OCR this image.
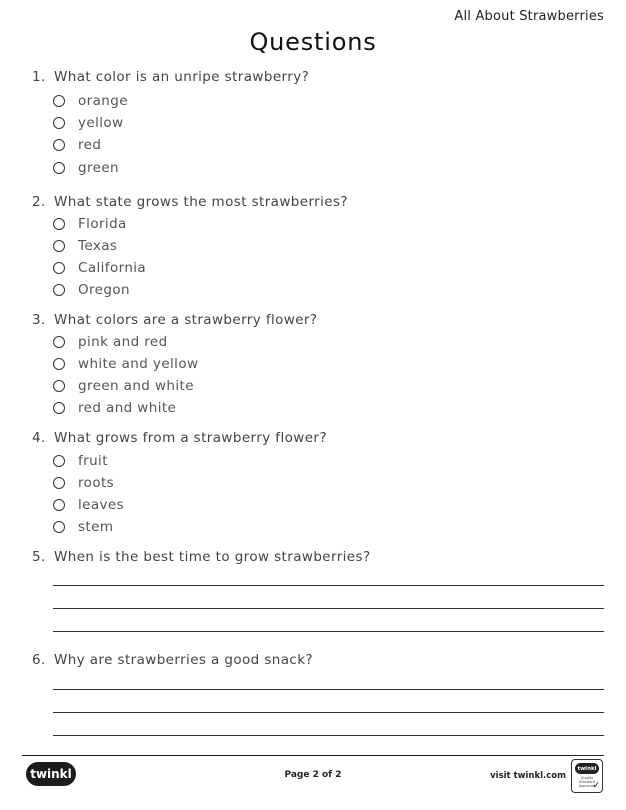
All About Strawberries
Questions
1. What color is an unripe strawberry?
orange
yellow
red
green
2. What state grows the most strawberries?
Florida
Texas
California
Oregon
3. What colors are a strawberry flower?
pink and red
white and yellow
green and white
red and white
4. What grows from a strawberry flower?
fruit
roots
leaves
stem
5. When is the best time to grow strawberries?
6. Why are strawberries a good snack?
twinkl	Page 2 of 2	visit twinkl.com
twinkl
Quality Standard Approved
✓
